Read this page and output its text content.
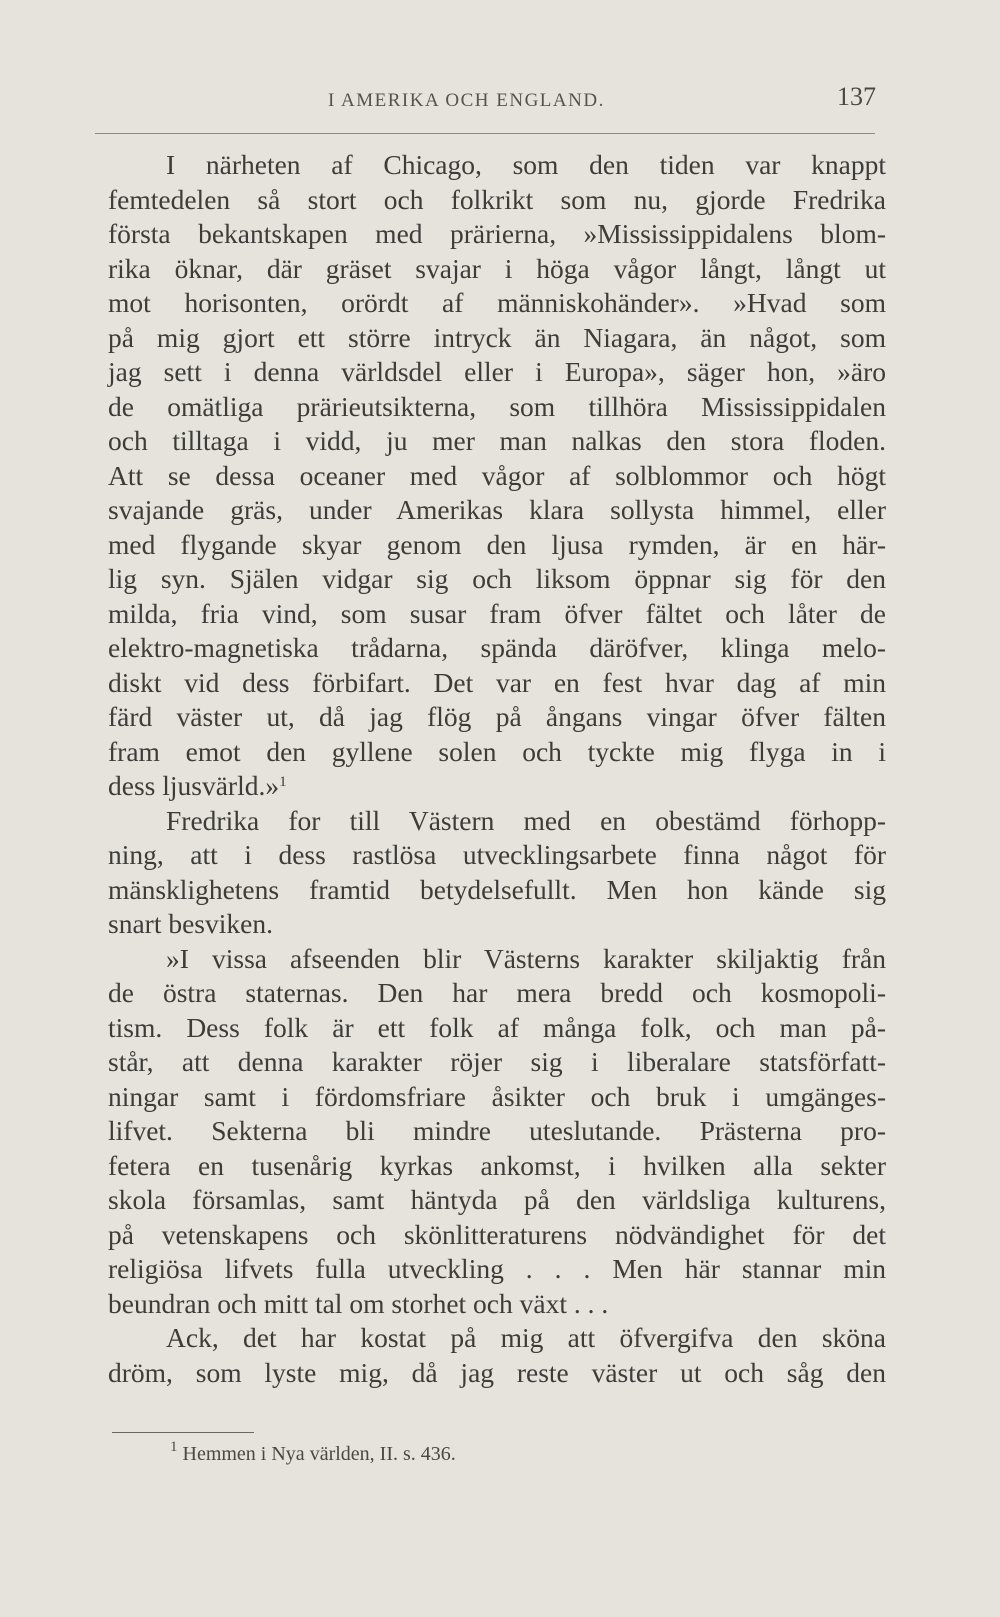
I AMERIKA OCH ENGLAND.	137
I närheten af Chicago, som den tiden var knappt
femtedelen så stort och folkrikt som nu, gjorde Fredrika
första bekantskapen med prärierna, »Mississippidalens blom-
rika öknar, där gräset svajar i höga vågor långt, långt ut
mot horisonten, orördt af människohänder». »Hvad som
på mig gjort ett större intryck än Niagara, än något, som
jag sett i denna världsdel eller i Europa», säger hon, »äro
de omätliga prärieutsikterna, som tillhöra Mississippidalen
och tilltaga i vidd, ju mer man nalkas den stora floden.
Att se dessa oceaner med vågor af solblommor och högt
svajande gräs, under Amerikas klara sollysta himmel, eller
med flygande skyar genom den ljusa rymden, är en här-
lig syn. Själen vidgar sig och liksom öppnar sig för den
milda, fria vind, som susar fram öfver fältet och låter de
elektro-magnetiska trådarna, spända däröfver, klinga melo-
diskt vid dess förbifart. Det var en fest hvar dag af min
färd väster ut, då jag flög på ångans vingar öfver fälten
fram emot den gyllene solen och tyckte mig flyga in i
dess ljusvärld.»$^1$
Fredrika for till Västern med en obestämd förhopp-
ning, att i dess rastlösa utvecklingsarbete finna något för
mänsklighetens framtid betydelsefullt. Men hon kände sig
snart besviken.
»I vissa afseenden blir Västerns karakter skiljaktig från
de östra staternas. Den har mera bredd och kosmopoli-
tism. Dess folk är ett folk af många folk, och man på-
står, att denna karakter röjer sig i liberalare statsförfatt-
ningar samt i fördomsfriare åsikter och bruk i umgänges-
lifvet. Sekterna bli mindre uteslutande. Prästerna pro-
fetera en tusenårig kyrkas ankomst, i hvilken alla sekter
skola församlas, samt häntyda på den världsliga kulturens,
på vetenskapens och skönlitteraturens nödvändighet för det
religiösa lifvets fulla utveckling . . . Men här stannar min
beundran och mitt tal om storhet och växt . . .
Ack, det har kostat på mig att öfvergifva den sköna
dröm, som lyste mig, då jag reste väster ut och såg den
$^1$ Hemmen i Nya världen, II. s. 436.
